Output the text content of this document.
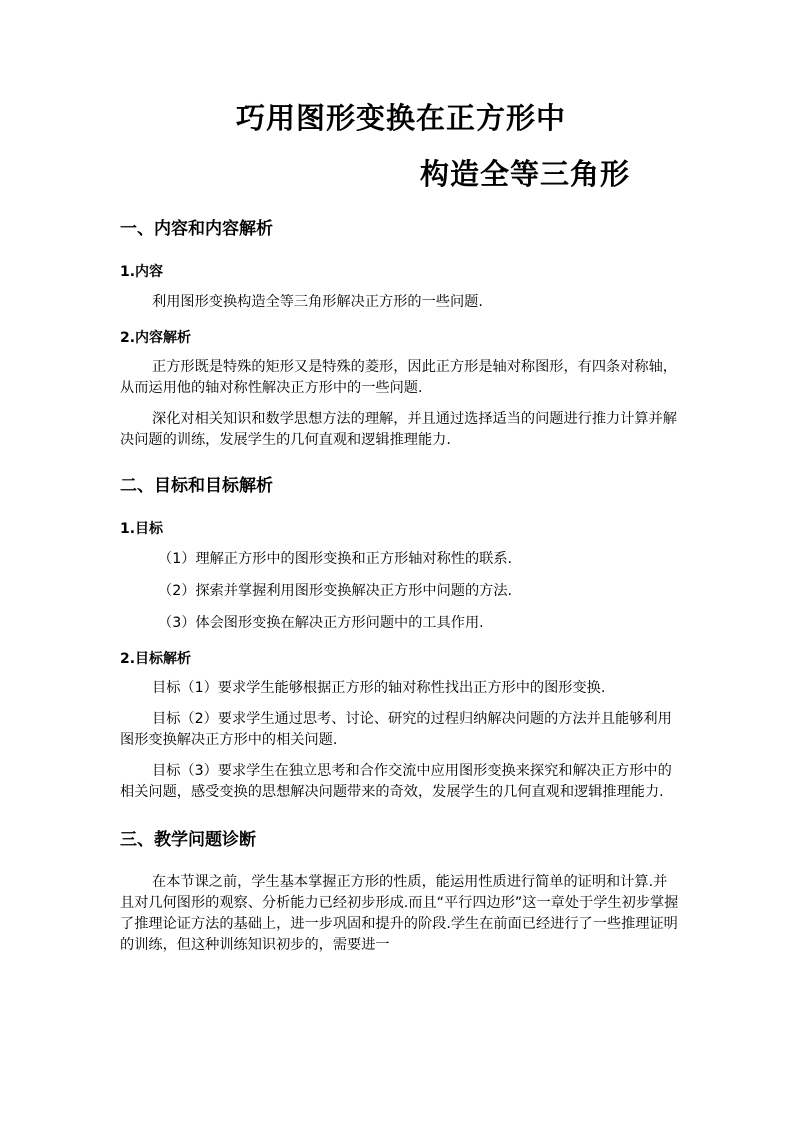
巧用图形变换在正方形中
构造全等三角形
一、内容和内容解析
1.内容

利用图形变换构造全等三角形解决正方形的一些问题.

2.内容解析

正方形既是特殊的矩形又是特殊的菱形，因此正方形是轴对称图形，有四条对称轴，从而运用他的轴对称性解决正方形中的一些问题.

深化对相关知识和数学思想方法的理解，并且通过选择适当的问题进行推力计算并解决问题的训练，发展学生的几何直观和逻辑推理能力.

二、目标和目标解析
1.目标

（1）理解正方形中的图形变换和正方形轴对称性的联系.

（2）探索并掌握利用图形变换解决正方形中问题的方法.

（3）体会图形变换在解决正方形问题中的工具作用.

2.目标解析

目标（1）要求学生能够根据正方形的轴对称性找出正方形中的图形变换.

目标（2）要求学生通过思考、讨论、研究的过程归纳解决问题的方法并且能够利用图形变换解决正方形中的相关问题.

目标（3）要求学生在独立思考和合作交流中应用图形变换来探究和解决正方形中的相关问题，感受变换的思想解决问题带来的奇效，发展学生的几何直观和逻辑推理能力.

三、教学问题诊断

在本节课之前，学生基本掌握正方形的性质，能运用性质进行简单的证明和计算.并且对几何图形的观察、分析能力已经初步形成.而且“平行四边形”这一章处于学生初步掌握了推理论证方法的基础上，进一步巩固和提升的阶段.学生在前面已经进行了一些推理证明的训练，但这种训练知识初步的，需要进一
